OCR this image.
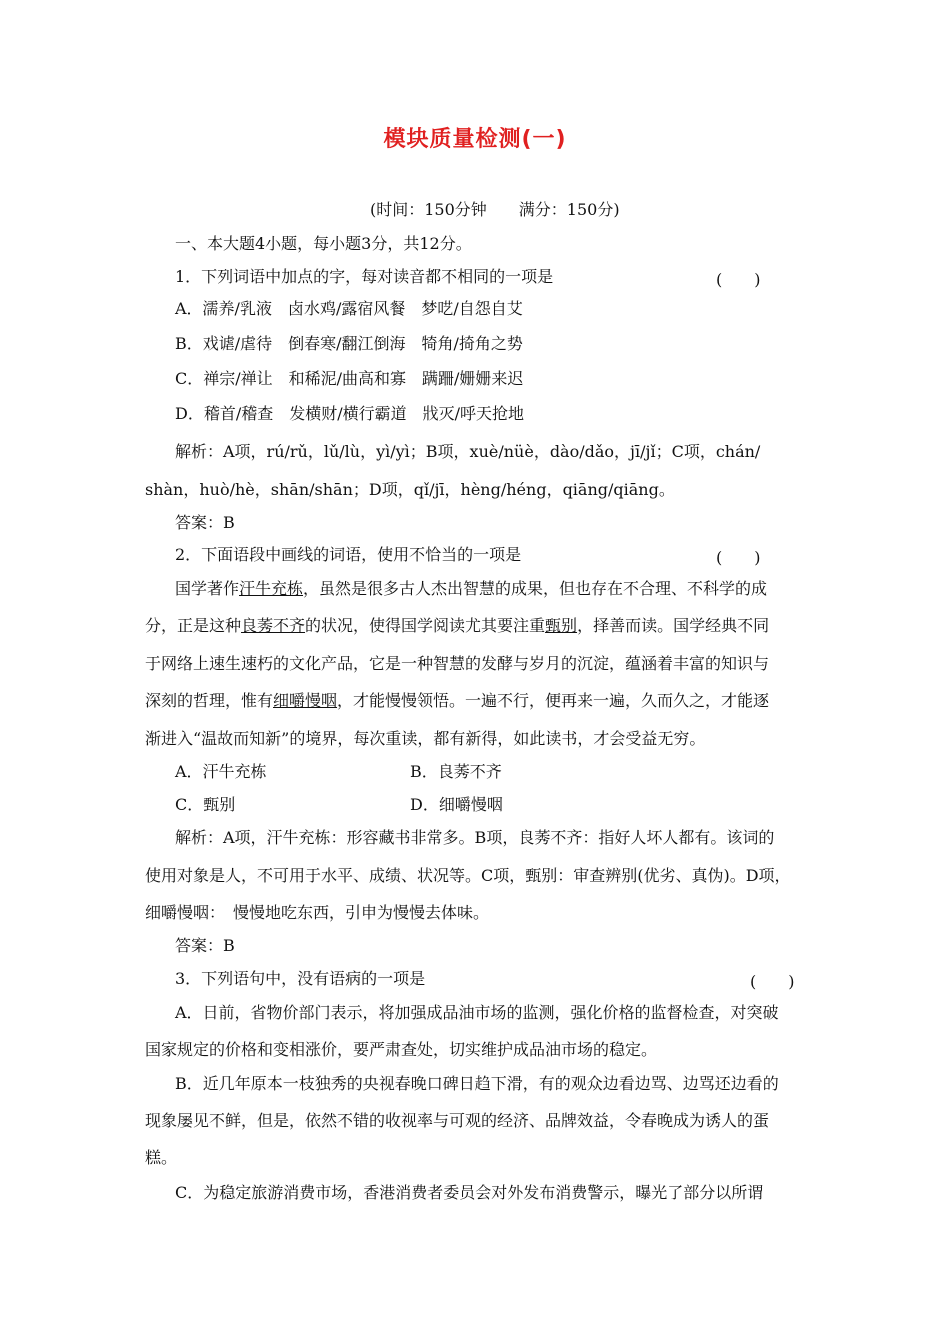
模块质量检测(一)
(时间：150分钟　　满分：150分)
一、本大题4小题，每小题3分，共12分。
1．下列词语中加点的字，每对读音都不相同的一项是	(　　)
A．濡养/乳液　卤水鸡/露宿风餐　梦呓/自怨自艾
B．戏谑/虐待　倒春寒/翻江倒海　犄角/掎角之势
C．禅宗/禅让　和稀泥/曲高和寡　蹒跚/姗姗来迟
D．稽首/稽查　发横财/横行霸道　戕灭/呼天抢地
解析：A项，rú/rǔ，lǔ/lù，yì/yì；B项，xuè/nüè，dào/dǎo，jī/jǐ；C项，chán/
shàn，huò/hè，shān/shān；D项，qǐ/jī，hèng/héng，qiāng/qiāng。
答案：B
2．下面语段中画线的词语，使用不恰当的一项是	(　　)
国学著作汗牛充栋，虽然是很多古人杰出智慧的成果，但也存在不合理、不科学的成
分，正是这种良莠不齐的状况，使得国学阅读尤其要注重甄别，择善而读。国学经典不同
于网络上速生速朽的文化产品，它是一种智慧的发酵与岁月的沉淀，蕴涵着丰富的知识与
深刻的哲理，惟有细嚼慢咽，才能慢慢领悟。一遍不行，便再来一遍，久而久之，才能逐
渐进入“温故而知新”的境界，每次重读，都有新得，如此读书，才会受益无穷。
A．汗牛充栋	B．良莠不齐
C．甄别	D．细嚼慢咽
解析：A项，汗牛充栋：形容藏书非常多。B项，良莠不齐：指好人坏人都有。该词的
使用对象是人，不可用于水平、成绩、状况等。C项，甄别：审查辨别(优劣、真伪)。D项，
细嚼慢咽：　慢慢地吃东西，引申为慢慢去体味。
答案：B
3．下列语句中，没有语病的一项是	(　　)
A．日前，省物价部门表示，将加强成品油市场的监测，强化价格的监督检查，对突破
国家规定的价格和变相涨价，要严肃查处，切实维护成品油市场的稳定。
B．近几年原本一枝独秀的央视春晚口碑日趋下滑，有的观众边看边骂、边骂还边看的
现象屡见不鲜，但是，依然不错的收视率与可观的经济、品牌效益，令春晚成为诱人的蛋
糕。
C．为稳定旅游消费市场，香港消费者委员会对外发布消费警示，曝光了部分以所谓
